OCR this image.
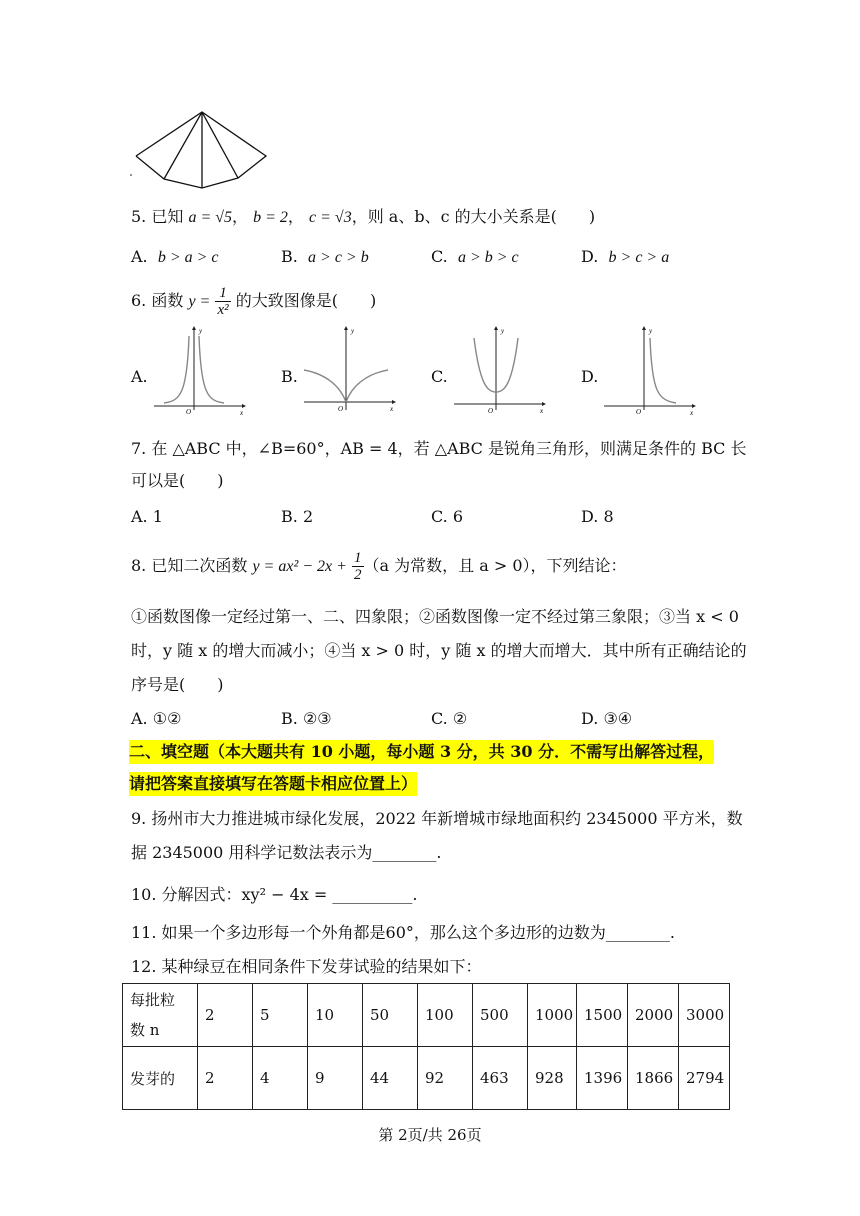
5. 已知 a = √5， b = 2， c = √3，则 a、b、c 的大小关系是(　　)
A. b > a > c	B. a > c > b	C. a > b > c	D. b > c > a
6. 函数 $y = \frac{1}{\text{x²}}$ 的大致图像是(　　)
A.	B.	C.	D.
y
x
O
y
x
O
y
x
O
y
x
O
7. 在 △ABC 中，∠B=60°，AB = 4，若 △ABC 是锐角三角形，则满足条件的 BC 长
可以是(　　)
A. 1	B. 2	C. 6	D. 8
8. 已知二次函数 $y = ax^2 - 2x + \frac{1}{2} (a$ 为常数，且 a > 0），下列结论：
①函数图像一定经过第一、二、四象限；②函数图像一定不经过第三象限；③当 x < 0
时，y 随 x 的增大而减小；④当 x > 0 时，y 随 x 的增大而增大．其中所有正确结论的
序号是(　　)
A. ①②	B. ②③	C. ②	D. ③④
二、填空题（本大题共有 10 小题，每小题 3 分，共 30 分．不需写出解答过程，
请把答案直接填写在答题卡相应位置上）
9. 扬州市大力推进城市绿化发展，2022 年新增城市绿地面积约 2345000 平方米，数
据 2345000 用科学记数法表示为________.
10. 分解因式：xy² − 4x = __________.
11. 如果一个多边形每一个外角都是60°，那么这个多边形的边数为________.
12. 某种绿豆在相同条件下发芽试验的结果如下：
每批粒
数 n	2	5	10	50	100	500	1000	1500	2000	3000
发芽的	2	4	9	44	92	463	928	1396	1866	2794
第 2页/共 26页
